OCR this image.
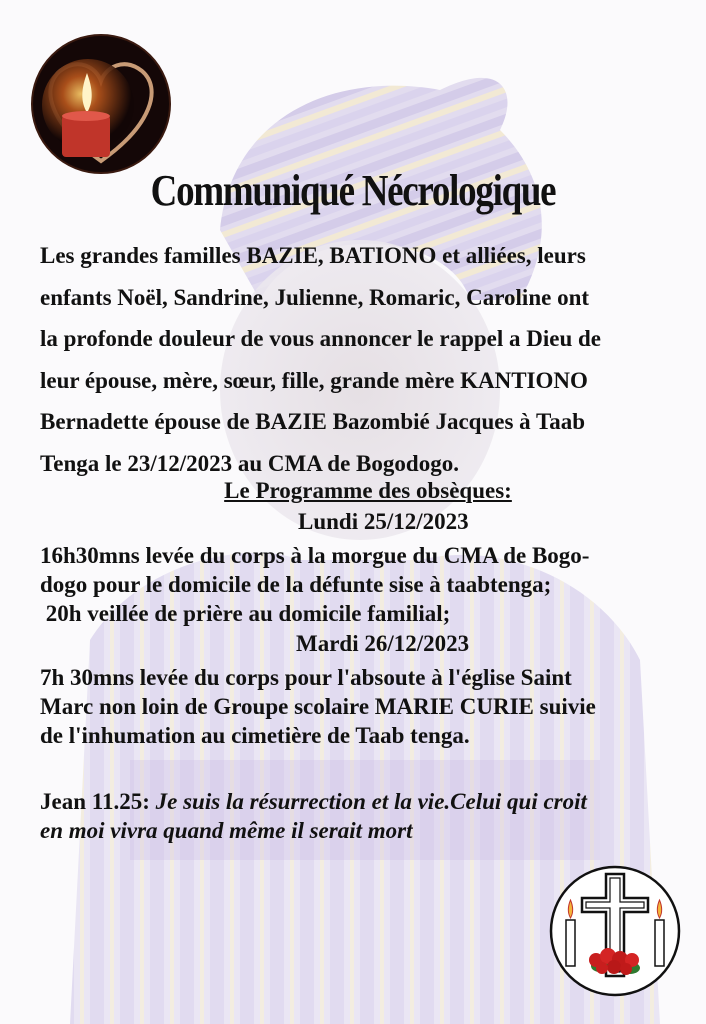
Communiqué Nécrologique
Les grandes familles BAZIE, BATIONO et alliées, leurs
enfants Noël, Sandrine, Julienne, Romaric, Caroline ont
la profonde douleur de vous annoncer le rappel a Dieu de
leur épouse, mère, sœur, fille, grande mère KANTIONO
Bernadette épouse de BAZIE Bazombié Jacques à Taab
Tenga le 23/12/2023 au CMA de Bogodogo.
Le Programme des obsèques:
Lundi 25/12/2023
16h30mns levée du corps à la morgue du CMA de Bogo-
dogo pour le domicile de la défunte sise à taabtenga;
20h veillée de prière au domicile familial;
Mardi 26/12/2023
7h 30mns levée du corps pour l'absoute à l'église Saint
Marc non loin de Groupe scolaire MARIE CURIE suivie
de l'inhumation au cimetière de Taab tenga.
Jean 11.25: Je suis la résurrection et la vie.Celui qui croit
en moi vivra quand même il serait mort
